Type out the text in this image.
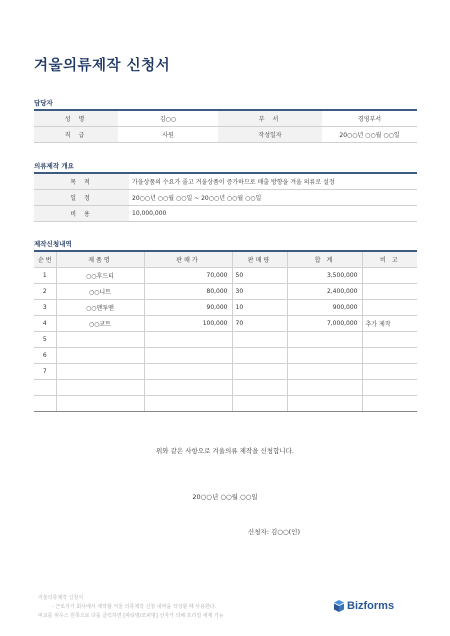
겨울의류제작 신청서
담당자
성 명	김○○	부 서	경영부서
직 급	사원	작성일자	20○○년 ○○월 ○○일
의류제작 개요
목 적	가을상품의 수요가 줄고 겨울상품이 증가하므로 매출 방향을 겨울 의류로 설정
일 정	20○○년 ○○월 ○○일 ~ 20○○년 ○○월 ○○일
비 용	10,000,000
제작신청내역
순 번	제품명	판매가	판매량	합 계	비 고
1	○○후드티	70,000	50	3,500,000	
2	○○니트	80,000	30	2,400,000	
3	○○맨투맨	90,000	10	900,000	
4	○○코트	100,000	70	7,000,000	추가 제작
5					
6					
7					

위와 같은 사항으로 겨울의류 제작을 신청합니다.
20○○년 ○○월 ○○일
신청자: 김○○(인)
겨울의류제작 신청서
- 근로자가 회사에서 제작할 겨울 의류제작 신청 내역을 작성할 때 사용한다.
비교를 위우스 원쪽으로 다를 클릭하면 [파티명/모피명] 선자가 의해 프리얼 세제 가능
Bizforms
